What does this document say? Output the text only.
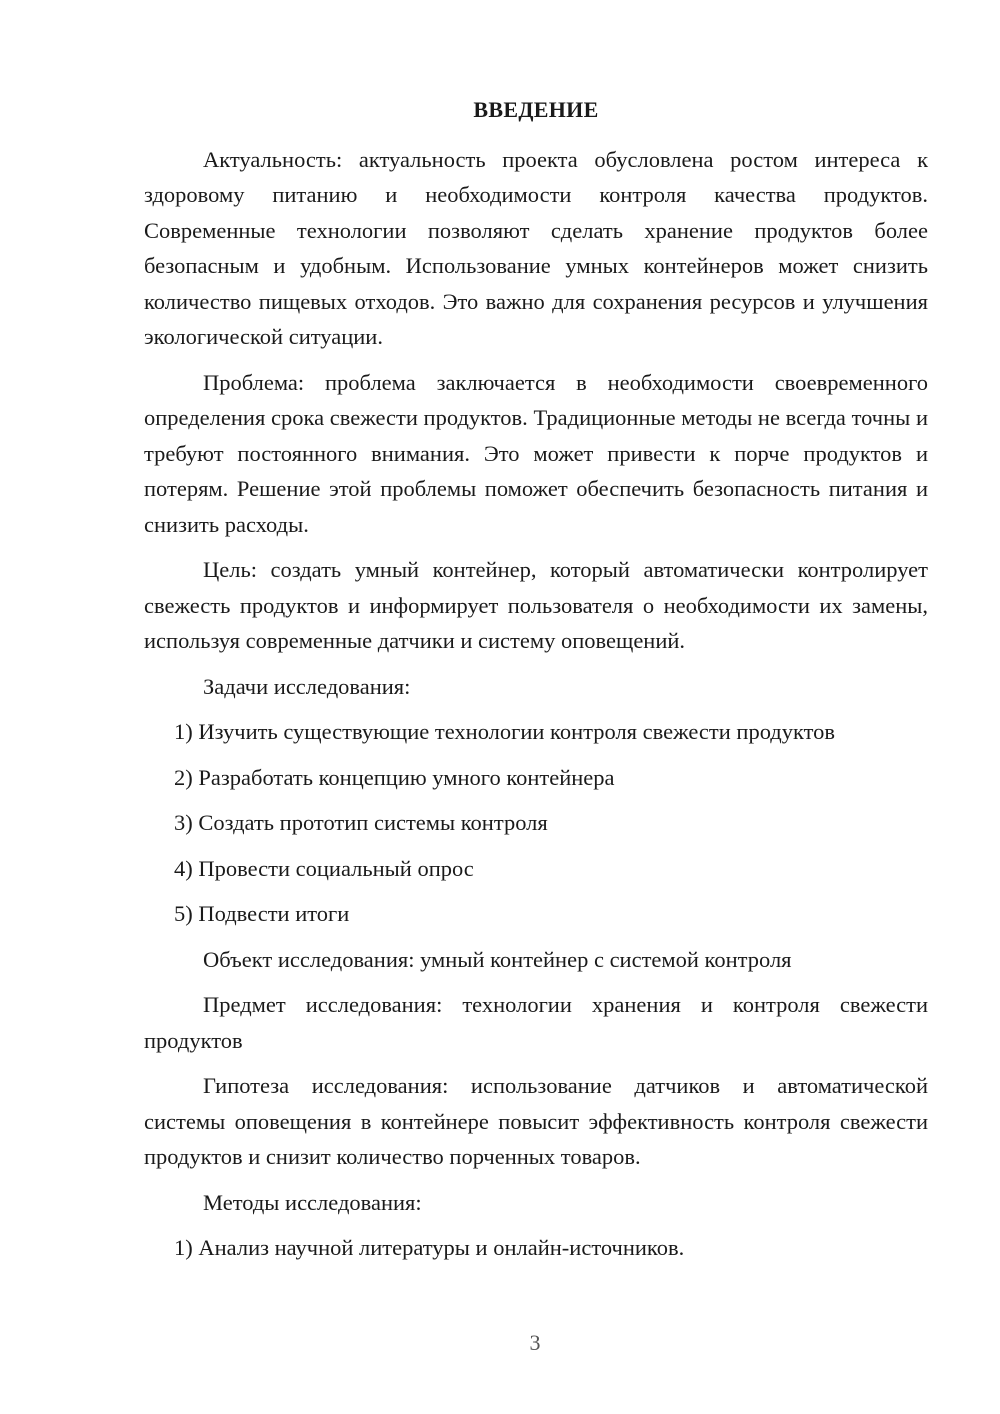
ВВЕДЕНИЕ

Актуальность: актуальность проекта обусловлена ростом интереса к здоровому питанию и необходимости контроля качества продуктов. Современные технологии позволяют сделать хранение продуктов более безопасным и удобным. Использование умных контейнеров может снизить количество пищевых отходов. Это важно для сохранения ресурсов и улучшения экологической ситуации.

Проблема: проблема заключается в необходимости своевременного определения срока свежести продуктов. Традиционные методы не всегда точны и требуют постоянного внимания. Это может привести к порче продуктов и потерям. Решение этой проблемы поможет обеспечить безопасность питания и снизить расходы.

Цель: создать умный контейнер, который автоматически контролирует свежесть продуктов и информирует пользователя о необходимости их замены, используя современные датчики и систему оповещений.

Задачи исследования:

1) Изучить существующие технологии контроля свежести продуктов

2) Разработать концепцию умного контейнера

3) Создать прототип системы контроля

4) Провести социальный опрос

5) Подвести итоги

Объект исследования: умный контейнер с системой контроля

Предмет исследования: технологии хранения и контроля свежести продуктов

Гипотеза исследования: использование датчиков и автоматической системы оповещения в контейнере повысит эффективность контроля свежести продуктов и снизит количество порченных товаров.

Методы исследования:

1) Анализ научной литературы и онлайн-источников.

3
